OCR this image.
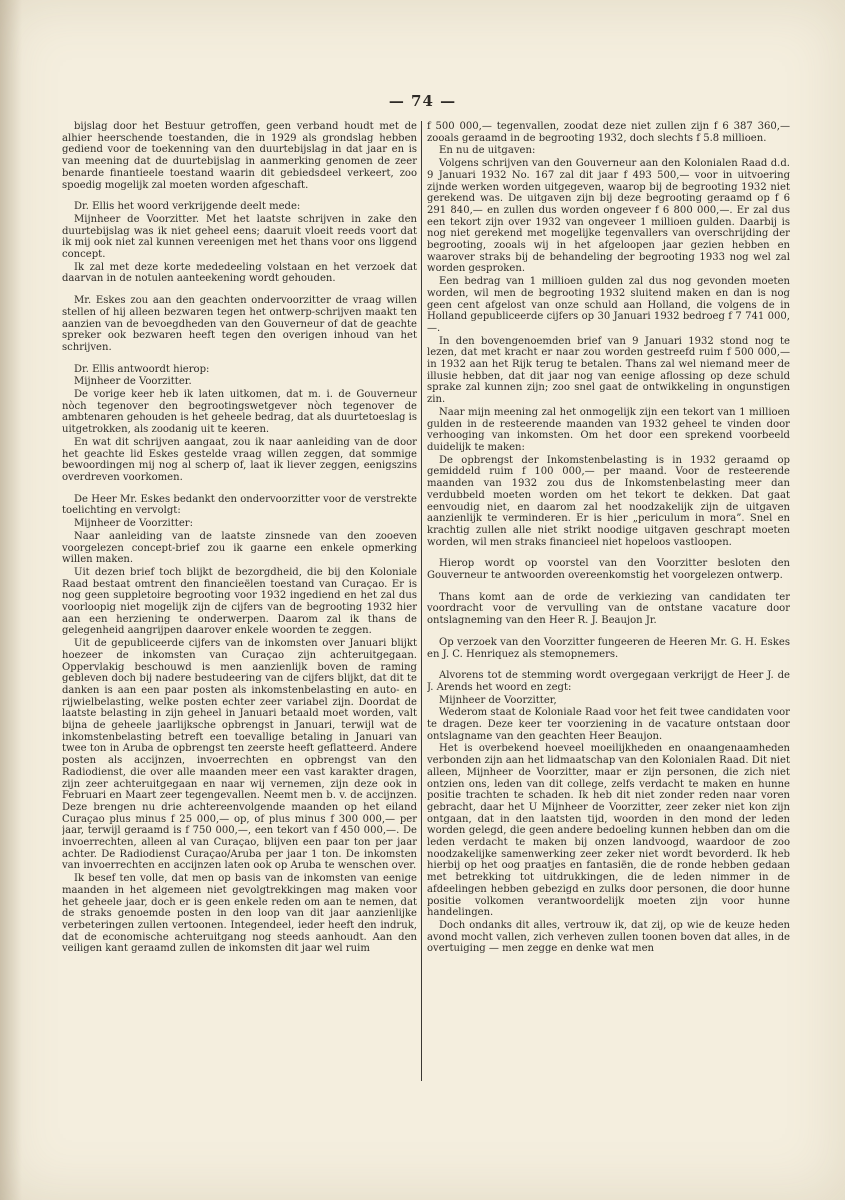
— 74 —

bijslag door het Bestuur getroffen, geen verband houdt met de alhier heerschende toestanden, die in 1929 als grondslag hebben gediend voor de toekenning van den duurtebijslag in dat jaar en is van meening dat de duurtebijslag in aanmerking genomen de zeer benarde finantieele toestand waarin dit gebiedsdeel verkeert, zoo spoedig mogelijk zal moeten worden afgeschaft.

Dr. Ellis het woord verkrijgende deelt mede:

Mijnheer de Voorzitter. Met het laatste schrijven in zake den duurtebijslag was ik niet geheel eens; daaruit vloeit reeds voort dat ik mij ook niet zal kunnen vereenigen met het thans voor ons liggend concept.

Ik zal met deze korte mededeeling volstaan en het verzoek dat daarvan in de notulen aanteekening wordt gehouden.

Mr. Eskes zou aan den geachten ondervoorzitter de vraag willen stellen of hij alleen bezwaren tegen het ontwerp-schrijven maakt ten aanzien van de bevoegdheden van den Gouverneur of dat de geachte spreker ook bezwaren heeft tegen den overigen inhoud van het schrijven.

Dr. Ellis antwoordt hierop:

Mijnheer de Voorzitter.

De vorige keer heb ik laten uitkomen, dat m. i. de Gouverneur nòch tegenover den begrootingswetgever nòch tegenover de ambtenaren gehouden is het geheele bedrag, dat als duurtetoeslag is uitgetrokken, als zoodanig uit te keeren.

En wat dit schrijven aangaat, zou ik naar aanleiding van de door het geachte lid Eskes gestelde vraag willen zeggen, dat sommige bewoordingen mij nog al scherp of, laat ik liever zeggen, eenigszins overdreven voorkomen.

De Heer Mr. Eskes bedankt den ondervoorzitter voor de verstrekte toelichting en vervolgt:

Mijnheer de Voorzitter:

Naar aanleiding van de laatste zinsnede van den zooeven voorgelezen concept-brief zou ik gaarne een enkele opmerking willen maken.

Uit dezen brief toch blijkt de bezorgdheid, die bij den Koloniale Raad bestaat omtrent den financieëlen toestand van Curaçao. Er is nog geen suppletoire begrooting voor 1932 ingediend en het zal dus voorloopig niet mogelijk zijn de cijfers van de begrooting 1932 hier aan een herziening te onderwerpen. Daarom zal ik thans de gelegenheid aangrijpen daarover enkele woorden te zeggen.

Uit de gepubliceerde cijfers van de inkomsten over Januari blijkt hoezeer de inkomsten van Curaçao zijn achteruitgegaan. Oppervlakig beschouwd is men aanzienlijk boven de raming gebleven doch bij nadere bestudeering van de cijfers blijkt, dat dit te danken is aan een paar posten als inkomstenbelasting en auto- en rijwielbelasting, welke posten echter zeer variabel zijn. Doordat de laatste belasting in zijn geheel in Januari betaald moet worden, valt bijna de geheele jaarlijksche opbrengst in Januari, terwijl wat de inkomstenbelasting betreft een toevallige betaling in Januari van twee ton in Aruba de opbrengst ten zeerste heeft geflatteerd. Andere posten als accijnzen, invoerrechten en opbrengst van den Radiodienst, die over alle maanden meer een vast karakter dragen, zijn zeer achteruitgegaan en naar wij vernemen, zijn deze ook in Februari en Maart zeer tegengevallen. Neemt men b. v. de accijnzen. Deze brengen nu drie achtereenvolgende maanden op het eiland Curaçao plus minus f 25 000,— op, of plus minus f 300 000,— per jaar, terwijl geraamd is f 750 000,—, een tekort van f 450 000,—. De invoerrechten, alleen al van Curaçao, blijven een paar ton per jaar achter. De Radiodienst Curaçao/Aruba per jaar 1 ton. De inkomsten van invoerrechten en accijnzen laten ook op Aruba te wenschen over.

Ik besef ten volle, dat men op basis van de inkomsten van eenige maanden in het algemeen niet gevolgtrekkingen mag maken voor het geheele jaar, doch er is geen enkele reden om aan te nemen, dat de straks genoemde posten in den loop van dit jaar aanzienlijke verbeteringen zullen vertoonen. Integendeel, ieder heeft den indruk, dat de economische achteruitgang nog steeds aanhoudt. Aan den veiligen kant geraamd zullen de inkomsten dit jaar wel ruim

f 500 000,— tegenvallen, zoodat deze niet zullen zijn f 6 387 360,— zooals geraamd in de begrooting 1932, doch slechts f 5.8 millioen.

En nu de uitgaven:

Volgens schrijven van den Gouverneur aan den Kolonialen Raad d.d. 9 Januari 1932 No. 167 zal dit jaar f 493 500,— voor in uitvoering zijnde werken worden uitgegeven, waarop bij de begrooting 1932 niet gerekend was. De uitgaven zijn bij deze begrooting geraamd op f 6 291 840,— en zullen dus worden ongeveer f 6 800 000,—. Er zal dus een tekort zijn over 1932 van ongeveer 1 millioen gulden. Daarbij is nog niet gerekend met mogelijke tegenvallers van overschrijding der begrooting, zooals wij in het afgeloopen jaar gezien hebben en waarover straks bij de behandeling der begrooting 1933 nog wel zal worden gesproken.

Een bedrag van 1 millioen gulden zal dus nog gevonden moeten worden, wil men de begrooting 1932 sluitend maken en dan is nog geen cent afgelost van onze schuld aan Holland, die volgens de in Holland gepubliceerde cijfers op 30 Januari 1932 bedroeg f 7 741 000,—.

In den bovengenoemden brief van 9 Januari 1932 stond nog te lezen, dat met kracht er naar zou worden gestreefd ruim f 500 000,— in 1932 aan het Rijk terug te betalen. Thans zal wel niemand meer de illusie hebben, dat dit jaar nog van eenige aflossing op deze schuld sprake zal kunnen zijn; zoo snel gaat de ontwikkeling in ongunstigen zin.

Naar mijn meening zal het onmogelijk zijn een tekort van 1 millioen gulden in de resteerende maanden van 1932 geheel te vinden door verhooging van inkomsten. Om het door een sprekend voorbeeld duidelijk te maken:

De opbrengst der Inkomstenbelasting is in 1932 geraamd op gemiddeld ruim f 100 000,— per maand. Voor de resteerende maanden van 1932 zou dus de Inkomstenbelasting meer dan verdubbeld moeten worden om het tekort te dekken. Dat gaat eenvoudig niet, en daarom zal het noodzakelijk zijn de uitgaven aanzienlijk te verminderen. Er is hier „periculum in mora”. Snel en krachtig zullen alle niet strikt noodige uitgaven geschrapt moeten worden, wil men straks financieel niet hopeloos vastloopen.

Hierop wordt op voorstel van den Voorzitter besloten den Gouverneur te antwoorden overeenkomstig het voorgelezen ontwerp.

Thans komt aan de orde de verkiezing van candidaten ter voordracht voor de vervulling van de ontstane vacature door ontslagneming van den Heer R. J. Beaujon Jr.

Op verzoek van den Voorzitter fungeeren de Heeren Mr. G. H. Eskes en J. C. Henriquez als stemopnemers.

Alvorens tot de stemming wordt overgegaan verkrijgt de Heer J. de J. Arends het woord en zegt:

Mijnheer de Voorzitter,

Wederom staat de Koloniale Raad voor het feit twee candidaten voor te dragen. Deze keer ter voorziening in de vacature ontstaan door ontslagname van den geachten Heer Beaujon.

Het is overbekend hoeveel moeilijkheden en onaangenaamheden verbonden zijn aan het lidmaatschap van den Kolonialen Raad. Dit niet alleen, Mijnheer de Voorzitter, maar er zijn personen, die zich niet ontzien ons, leden van dit college, zelfs verdacht te maken en hunne positie trachten te schaden. Ik heb dit niet zonder reden naar voren gebracht, daar het U Mijnheer de Voorzitter, zeer zeker niet kon zijn ontgaan, dat in den laatsten tijd, woorden in den mond der leden worden gelegd, die geen andere bedoeling kunnen hebben dan om die leden verdacht te maken bij onzen landvoogd, waardoor de zoo noodzakelijke samenwerking zeer zeker niet wordt bevorderd. Ik heb hierbij op het oog praatjes en fantasiën, die de ronde hebben gedaan met betrekking tot uitdrukkingen, die de leden nimmer in de afdeelingen hebben gebezigd en zulks door personen, die door hunne positie volkomen verantwoordelijk moeten zijn voor hunne handelingen.

Doch ondanks dit alles, vertrouw ik, dat zij, op wie de keuze heden avond mocht vallen, zich verheven zullen toonen boven dat alles, in de overtuiging — men zegge en denke wat men
